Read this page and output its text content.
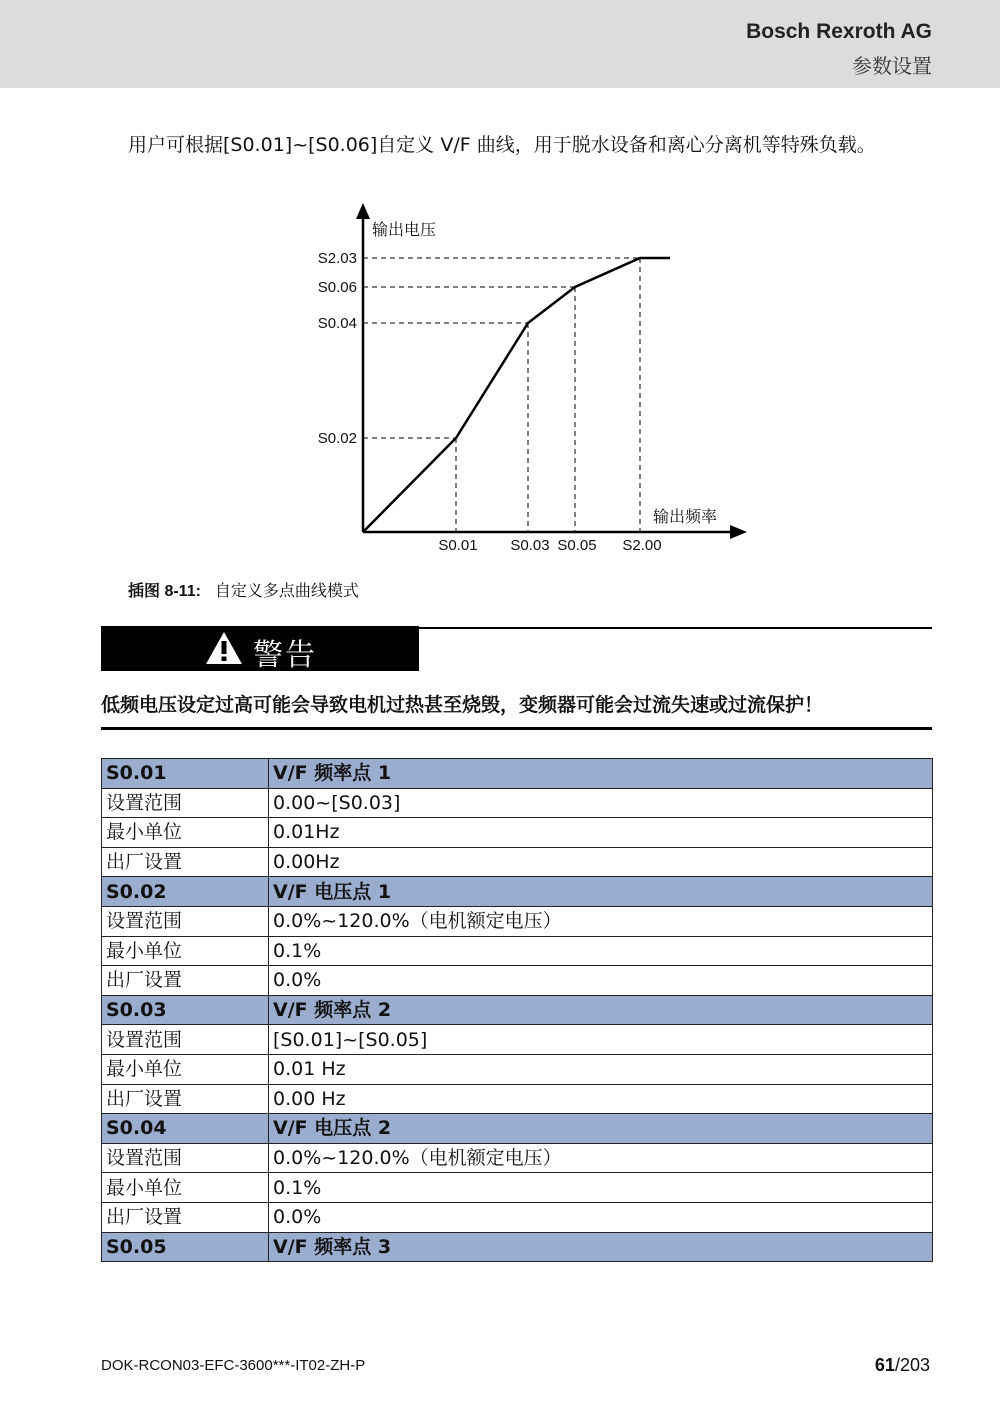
Bosch Rexroth AG
参数设置
用户可根据[S0.01]~[S0.06]自定义 V/F 曲线，用于脱水设备和离心分离机等特殊负载。
S0.02
S0.04
S0.06
S2.03
S0.01 S0.03 S0.05 S2.00
输出电压
输出频率
插图 8-11: 自定义多点曲线模式
警告
低频电压设定过高可能会导致电机过热甚至烧毁，变频器可能会过流失速或过流保护！
S0.01	V/F 频率点 1
设置范围	0.00~[S0.03]
最小单位	0.01Hz
出厂设置	0.00Hz
S0.02	V/F 电压点 1
设置范围	0.0%~120.0%（电机额定电压）
最小单位	0.1%
出厂设置	0.0%
S0.03	V/F 频率点 2
设置范围	[S0.01]~[S0.05]
最小单位	0.01 Hz
出厂设置	0.00 Hz
S0.04	V/F 电压点 2
设置范围	0.0%~120.0%（电机额定电压）
最小单位	0.1%
出厂设置	0.0%
S0.05	V/F 频率点 3
DOK-RCON03-EFC-3600***-IT02-ZH-P	61/203
